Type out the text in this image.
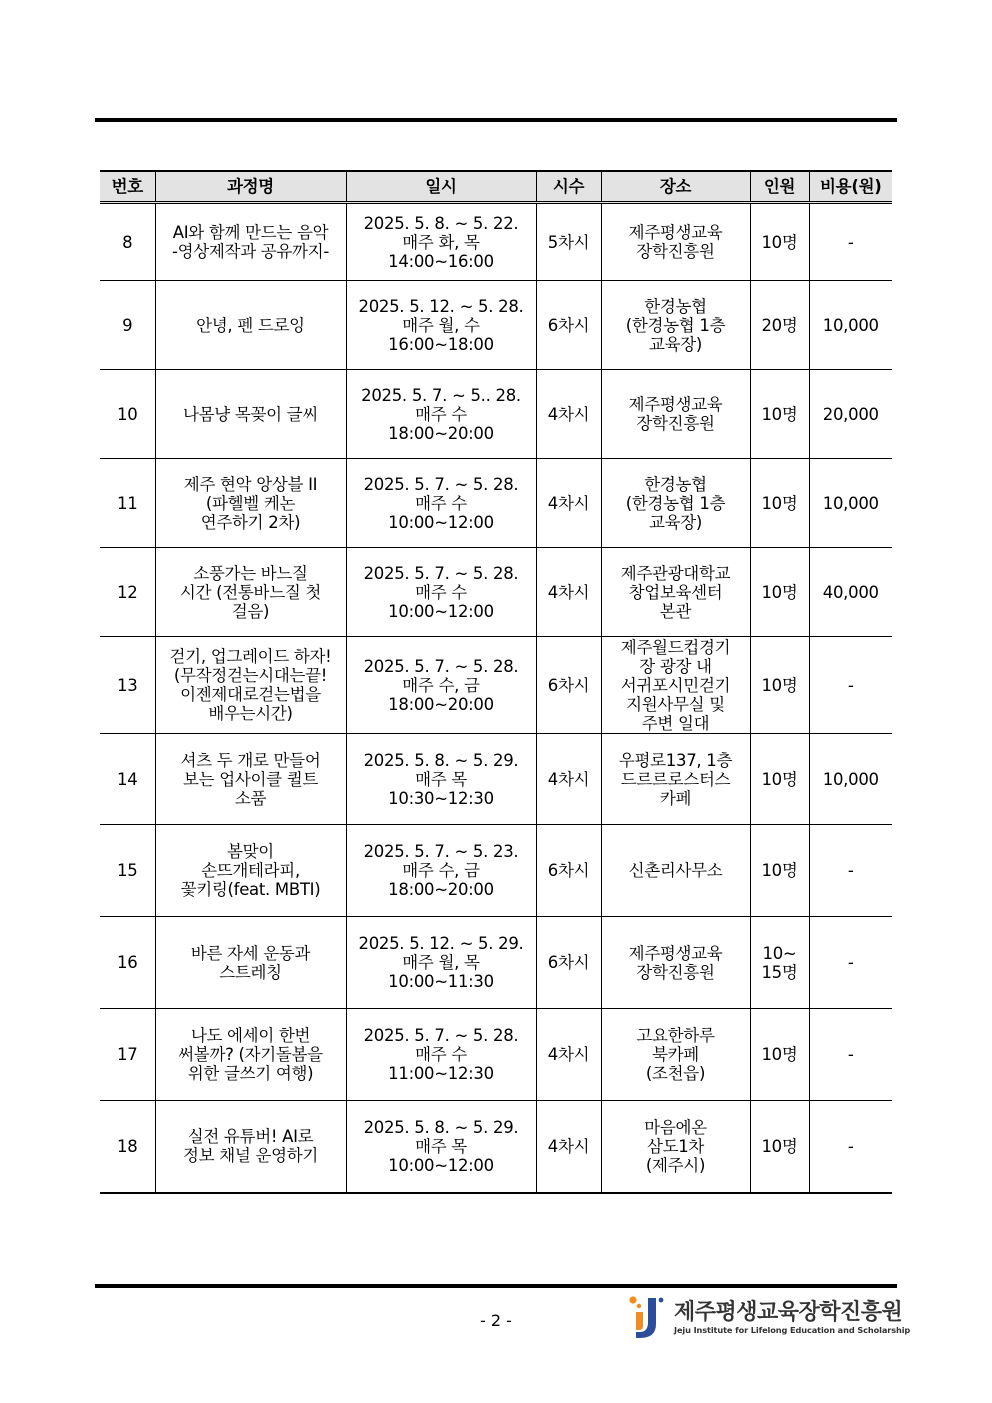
번호	과정명	일시	시수	장소	인원	비용(원)
8	AI와 함께 만드는 음악
-영상제작과 공유까지-	2025. 5. 8. ~ 5. 22.
매주 화, 목
14:00~16:00	5차시	제주평생교육
장학진흥원	10명	-
9	안녕, 펜 드로잉	2025. 5. 12. ~ 5. 28.
매주 월, 수
16:00~18:00	6차시	한경농협
(한경농협 1층
교육장)	20명	10,000
10	나몸냥 목꽂이 글씨	2025. 5. 7. ~ 5.. 28.
매주 수
18:00~20:00	4차시	제주평생교육
장학진흥원	10명	20,000
11	제주 현악 앙상블 II
(파헬벨 케논
연주하기 2차)	2025. 5. 7. ~ 5. 28.
매주 수
10:00~12:00	4차시	한경농협
(한경농협 1층
교육장)	10명	10,000
12	소풍가는 바느질
시간 (전통바느질 첫
걸음)	2025. 5. 7. ~ 5. 28.
매주 수
10:00~12:00	4차시	제주관광대학교
창업보육센터
본관	10명	40,000
13	걷기, 업그레이드 하자!
(무작정걷는시대는끝!
이젠제대로걷는법을
배우는시간)	2025. 5. 7. ~ 5. 28.
매주 수, 금
18:00~20:00	6차시	제주월드컵경기
장 광장 내
서귀포시민걷기
지원사무실 및
주변 일대	10명	-
14	셔츠 두 개로 만들어
보는 업사이클 퀼트
소품	2025. 5. 8. ~ 5. 29.
매주 목
10:30~12:30	4차시	우평로137, 1층
드르르로스터스
카페	10명	10,000
15	봄맞이
손뜨개테라피,
꽃키링(feat. MBTI)	2025. 5. 7. ~ 5. 23.
매주 수, 금
18:00~20:00	6차시	신촌리사무소	10명	-
16	바른 자세 운동과
스트레칭	2025. 5. 12. ~ 5. 29.
매주 월, 목
10:00~11:30	6차시	제주평생교육
장학진흥원	10~
15명	-
17	나도 에세이 한번
써볼까? (자기돌봄을
위한 글쓰기 여행)	2025. 5. 7. ~ 5. 28.
매주 수
11:00~12:30	4차시	고요한하루
북카페
(조천읍)	10명	-
18	실전 유튜버! AI로
정보 채널 운영하기	2025. 5. 8. ~ 5. 29.
매주 목
10:00~12:00	4차시	마음에온
삼도1차
(제주시)	10명	-
- 2 -	제주평생교육장학진흥원
Jeju Institute for Lifelong Education and Scholarship
